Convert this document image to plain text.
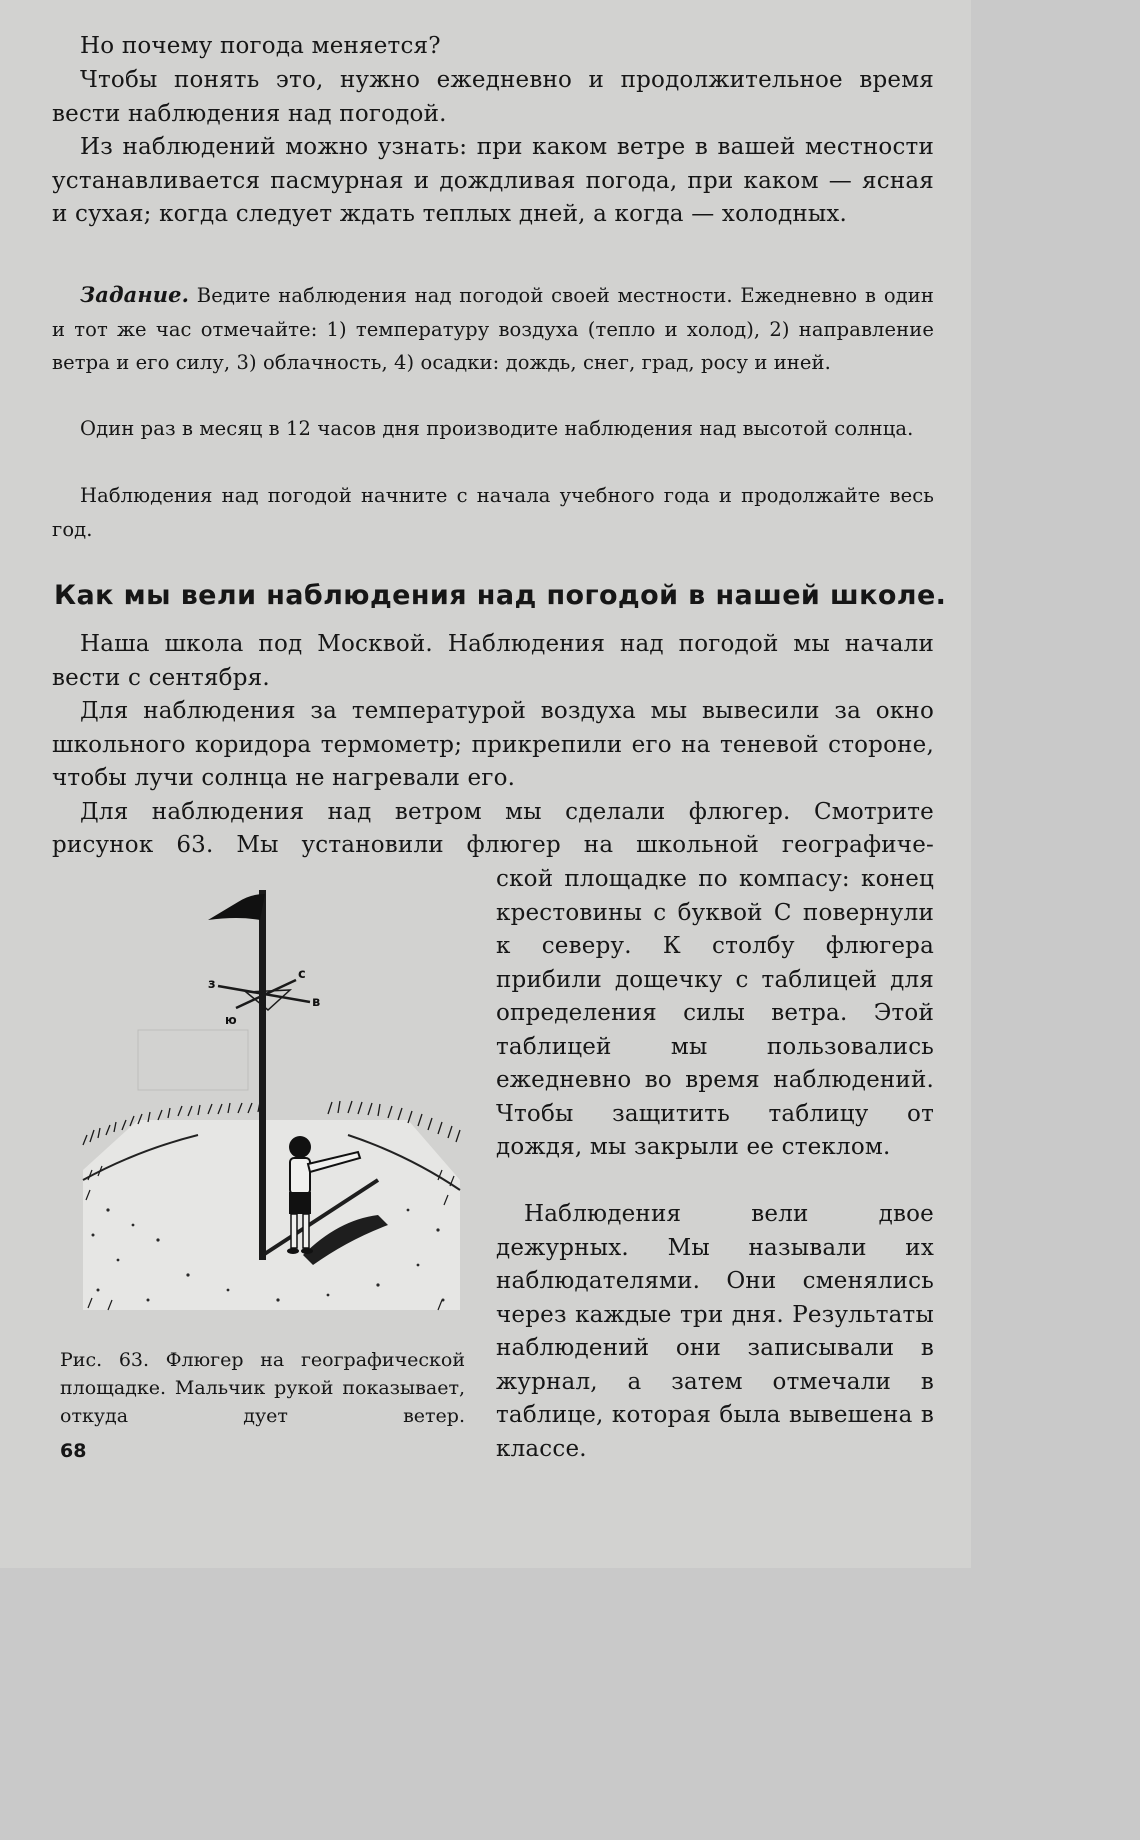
Но почему погода меняется?

Чтобы понять это, нужно ежедневно и продолжительное время вести наблюдения над погодой.

Из наблюдений можно узнать: при каком ветре в вашей местности устанавливается пасмурная и дождливая погода, при каком — ясная и сухая; когда следует ждать теплых дней, а когда — холодных.

Задание. Ведите наблюдения над погодой своей местности. Ежедневно в один и тот же час отмечайте: 1) температуру воздуха (тепло и холод), 2) направление ветра и его силу, 3) облачность, 4) осадки: дождь, снег, град, росу и иней.

Один раз в месяц в 12 часов дня производите наблюдения над высотой солнца.

Наблюдения над погодой начните с начала учебного года и продолжайте весь год.

Как мы вели наблюдения над погодой в нашей школе.

Наша школа под Москвой. Наблюдения над погодой мы начали вести с сентября.

Для наблюдения за температурой воздуха мы вывесили за окно школьного коридора термометр; прикрепили его на теневой стороне, чтобы лучи солнца не нагревали его.

Для наблюдения над ветром мы сделали флюгер. Смотрите

рисунок 63. Мы установили флюгер на школьной географиче-

ской площадке по компасу: конец крестовины с буквой С повернули к северу. К столбу флюгера прибили дощечку с таблицей для определения силы ветра. Этой таблицей мы пользовались ежедневно во время наблюдений. Чтобы защитить таблицу от дождя, мы закрыли ее стеклом.

Наблюдения вели двое дежурных. Мы называли их наблюдателями. Они сменялись через каждые три дня. Результаты наблюдений они записывали в журнал, а затем отмечали в таблице, которая была вывешена в классе.

з
с
в
ю

Рис. 63. Флюгер на географической площадке. Мальчик рукой показывает, откуда дует ветер.

68
